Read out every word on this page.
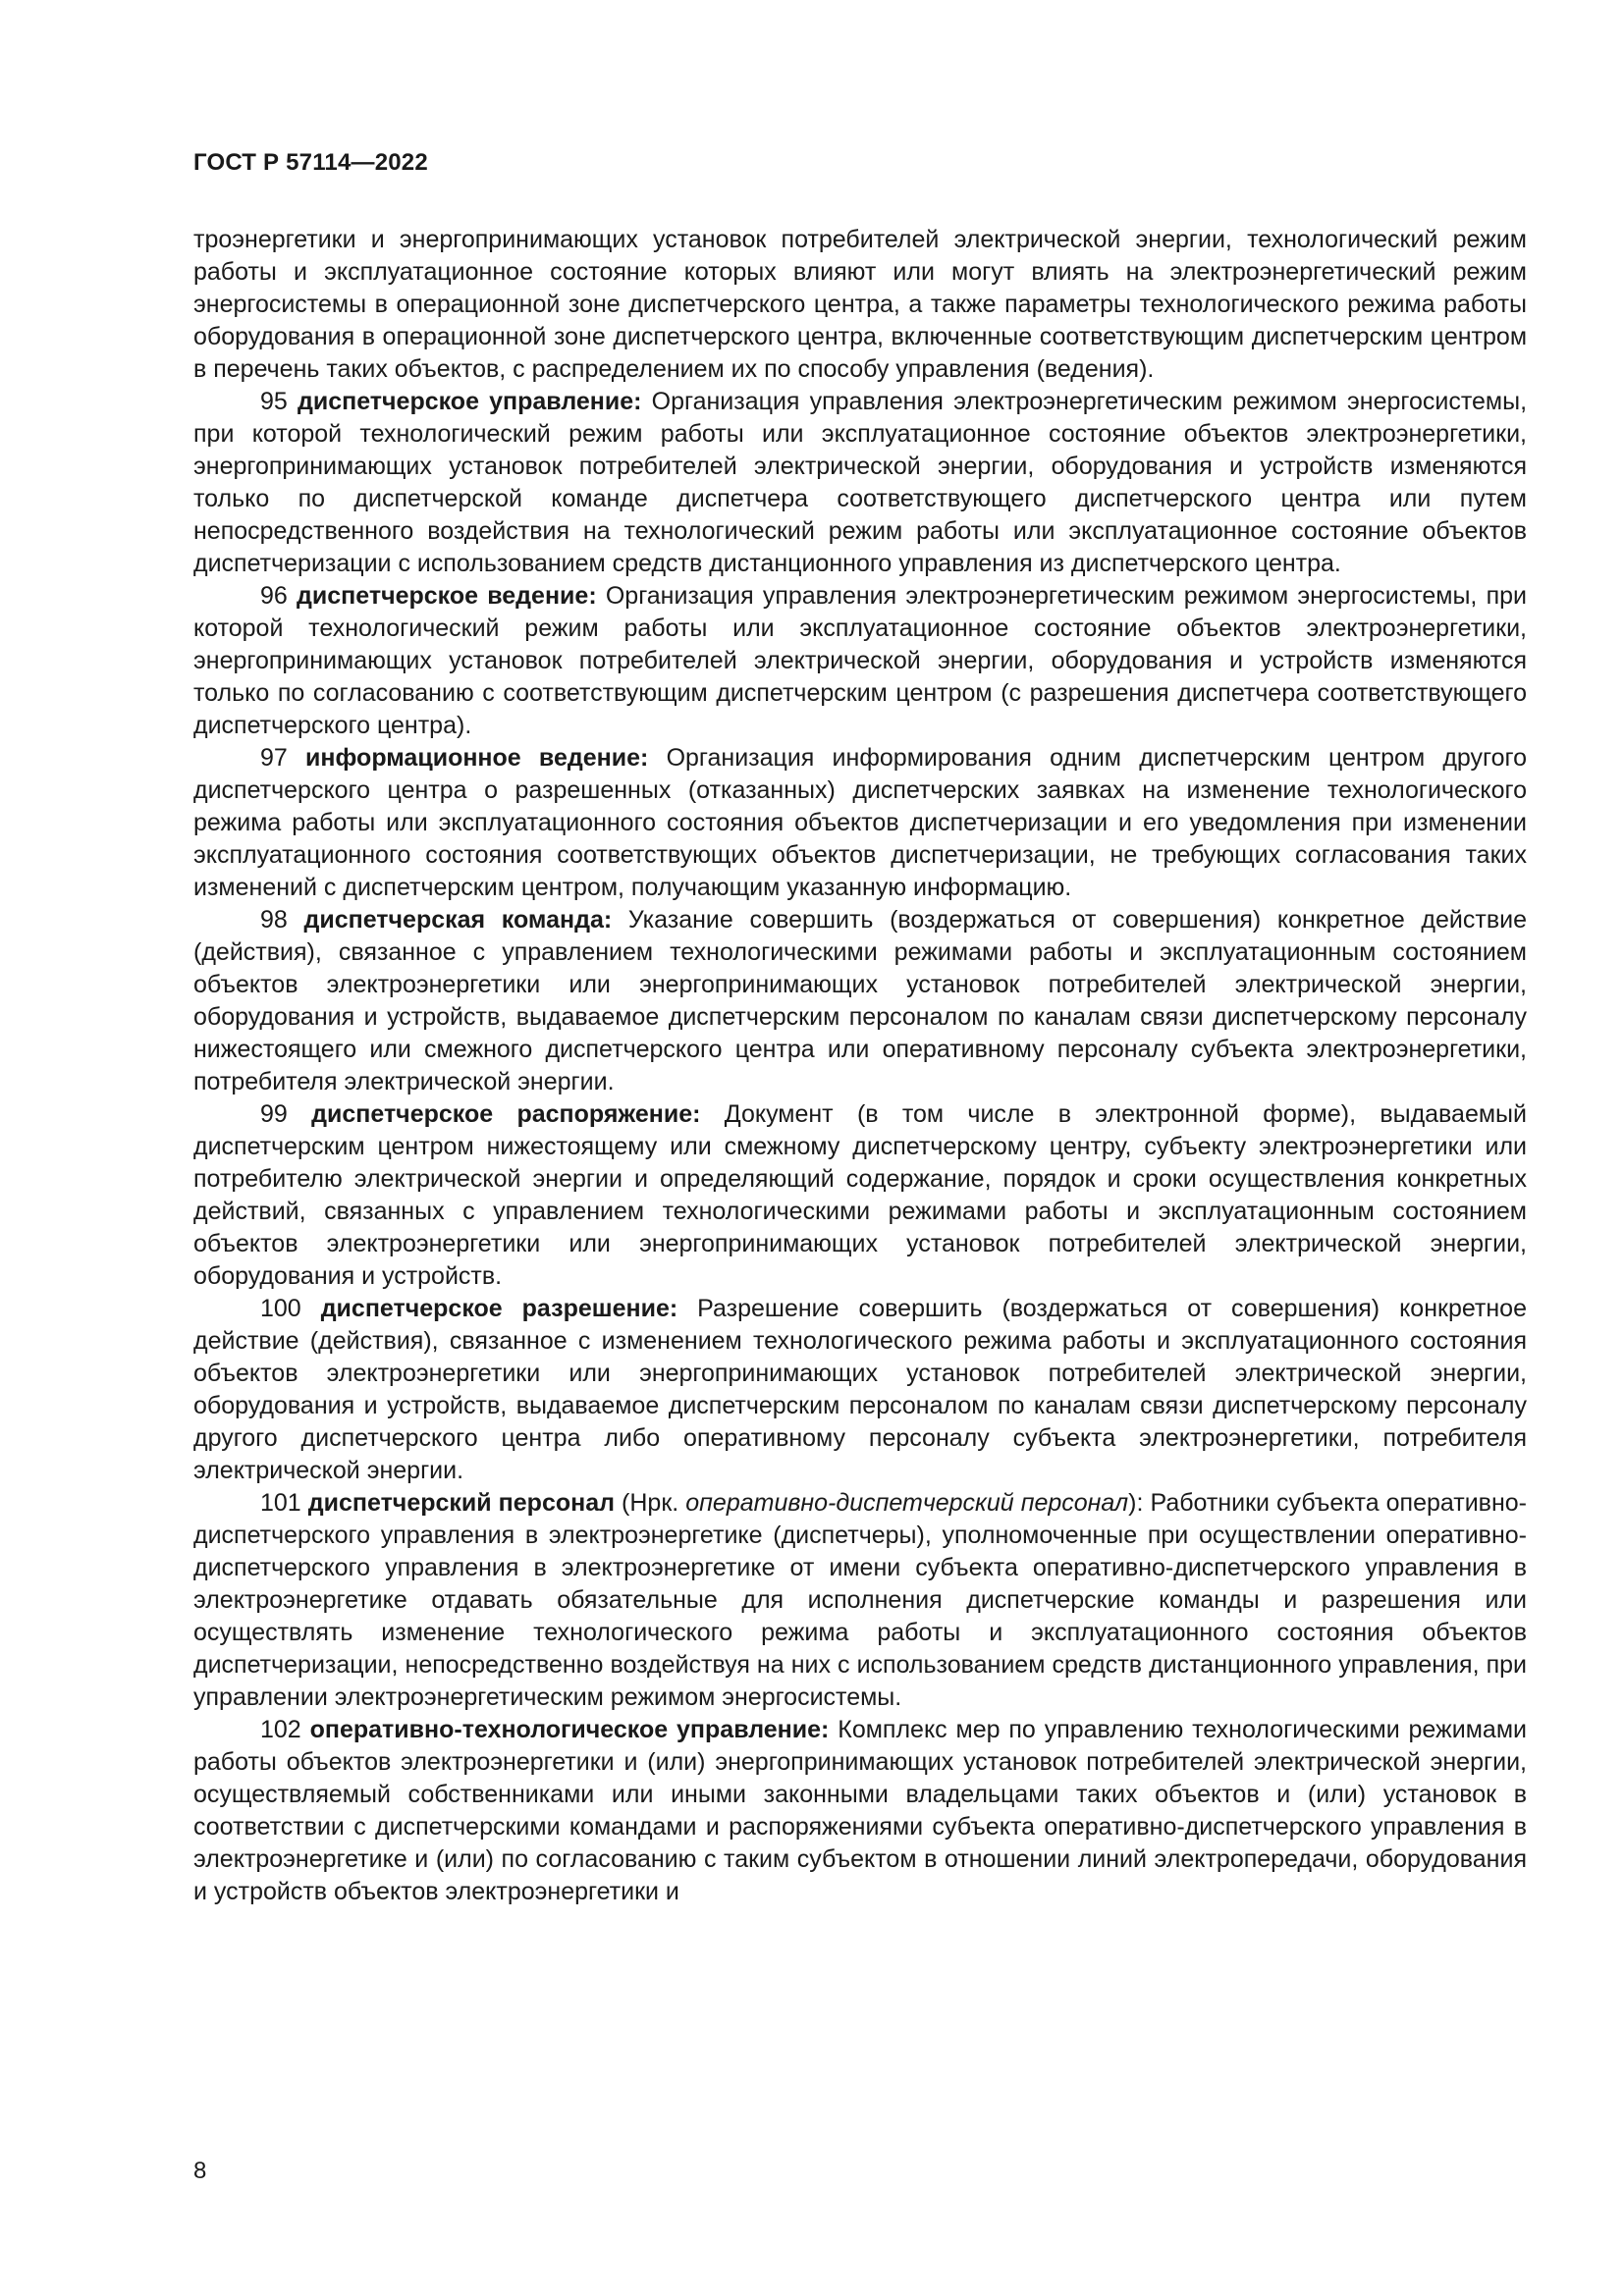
ГОСТ Р 57114—2022

троэнергетики и энергопринимающих установок потребителей электрической энергии, технологический режим работы и эксплуатационное состояние которых влияют или могут влиять на электроэнергетический режим энергосистемы в операционной зоне диспетчерского центра, а также параметры технологического режима работы оборудования в операционной зоне диспетчерского центра, включенные соответствующим диспетчерским центром в перечень таких объектов, с распределением их по способу управления (ведения).

95 диспетчерское управление: Организация управления электроэнергетическим режимом энергосистемы, при которой технологический режим работы или эксплуатационное состояние объектов электроэнергетики, энергопринимающих установок потребителей электрической энергии, оборудования и устройств изменяются только по диспетчерской команде диспетчера соответствующего диспетчерского центра или путем непосредственного воздействия на технологический режим работы или эксплуатационное состояние объектов диспетчеризации с использованием средств дистанционного управления из диспетчерского центра.

96 диспетчерское ведение: Организация управления электроэнергетическим режимом энергосистемы, при которой технологический режим работы или эксплуатационное состояние объектов электроэнергетики, энергопринимающих установок потребителей электрической энергии, оборудования и устройств изменяются только по согласованию с соответствующим диспетчерским центром (с разрешения диспетчера соответствующего диспетчерского центра).

97 информационное ведение: Организация информирования одним диспетчерским центром другого диспетчерского центра о разрешенных (отказанных) диспетчерских заявках на изменение технологического режима работы или эксплуатационного состояния объектов диспетчеризации и его уведомления при изменении эксплуатационного состояния соответствующих объектов диспетчеризации, не требующих согласования таких изменений с диспетчерским центром, получающим указанную информацию.

98 диспетчерская команда: Указание совершить (воздержаться от совершения) конкретное действие (действия), связанное с управлением технологическими режимами работы и эксплуатационным состоянием объектов электроэнергетики или энергопринимающих установок потребителей электрической энергии, оборудования и устройств, выдаваемое диспетчерским персоналом по каналам связи диспетчерскому персоналу нижестоящего или смежного диспетчерского центра или оперативному персоналу субъекта электроэнергетики, потребителя электрической энергии.

99 диспетчерское распоряжение: Документ (в том числе в электронной форме), выдаваемый диспетчерским центром нижестоящему или смежному диспетчерскому центру, субъекту электроэнергетики или потребителю электрической энергии и определяющий содержание, порядок и сроки осуществления конкретных действий, связанных с управлением технологическими режимами работы и эксплуатационным состоянием объектов электроэнергетики или энергопринимающих установок потребителей электрической энергии, оборудования и устройств.

100 диспетчерское разрешение: Разрешение совершить (воздержаться от совершения) конкретное действие (действия), связанное с изменением технологического режима работы и эксплуатационного состояния объектов электроэнергетики или энергопринимающих установок потребителей электрической энергии, оборудования и устройств, выдаваемое диспетчерским персоналом по каналам связи диспетчерскому персоналу другого диспетчерского центра либо оперативному персоналу субъекта электроэнергетики, потребителя электрической энергии.

101 диспетчерский персонал (Нрк. оперативно-диспетчерский персонал): Работники субъекта оперативно-диспетчерского управления в электроэнергетике (диспетчеры), уполномоченные при осуществлении оперативно-диспетчерского управления в электроэнергетике от имени субъекта оперативно-диспетчерского управления в электроэнергетике отдавать обязательные для исполнения диспетчерские команды и разрешения или осуществлять изменение технологического режима работы и эксплуатационного состояния объектов диспетчеризации, непосредственно воздействуя на них с использованием средств дистанционного управления, при управлении электроэнергетическим режимом энергосистемы.

102 оперативно-технологическое управление: Комплекс мер по управлению технологическими режимами работы объектов электроэнергетики и (или) энергопринимающих установок потребителей электрической энергии, осуществляемый собственниками или иными законными владельцами таких объектов и (или) установок в соответствии с диспетчерскими командами и распоряжениями субъекта оперативно-диспетчерского управления в электроэнергетике и (или) по согласованию с таким субъектом в отношении линий электропередачи, оборудования и устройств объектов электроэнергетики и

8
